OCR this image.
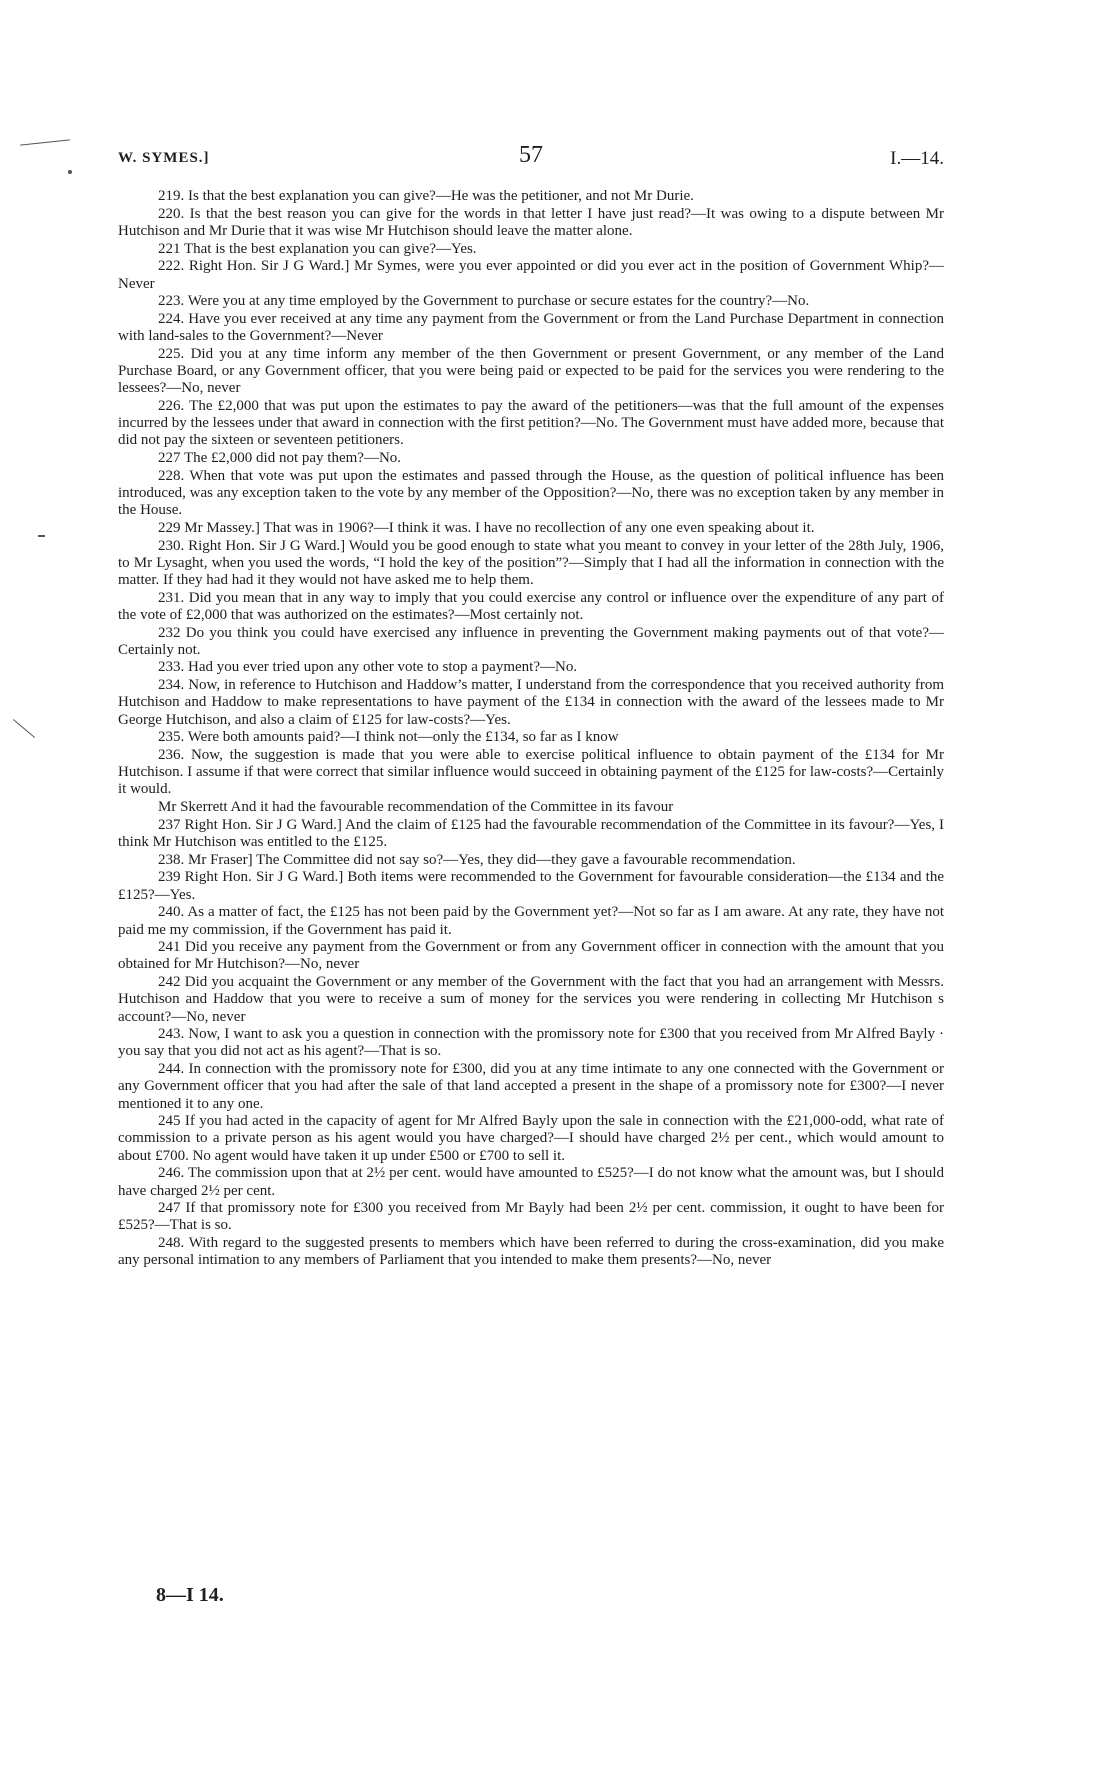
W. SYMES.]	57	I.—14.

219. Is that the best explanation you can give?—He was the petitioner, and not Mr Durie.

220. Is that the best reason you can give for the words in that letter I have just read?—It was owing to a dispute between Mr Hutchison and Mr Durie that it was wise Mr Hutchison should leave the matter alone.

221 That is the best explanation you can give?—Yes.

222. Right Hon. Sir J G Ward.] Mr Symes, were you ever appointed or did you ever act in the position of Government Whip?—Never

223. Were you at any time employed by the Government to purchase or secure estates for the country?—No.

224. Have you ever received at any time any payment from the Government or from the Land Purchase Department in connection with land-sales to the Government?—Never

225. Did you at any time inform any member of the then Government or present Government, or any member of the Land Purchase Board, or any Government officer, that you were being paid or expected to be paid for the services you were rendering to the lessees?—No, never

226. The £2,000 that was put upon the estimates to pay the award of the petitioners—was that the full amount of the expenses incurred by the lessees under that award in connection with the first petition?—No. The Government must have added more, because that did not pay the sixteen or seventeen petitioners.

227 The £2,000 did not pay them?—No.

228. When that vote was put upon the estimates and passed through the House, as the question of political influence has been introduced, was any exception taken to the vote by any member of the Opposition?—No, there was no exception taken by any member in the House.

229 Mr Massey.] That was in 1906?—I think it was. I have no recollection of any one even speaking about it.

230. Right Hon. Sir J G Ward.] Would you be good enough to state what you meant to convey in your letter of the 28th July, 1906, to Mr Lysaght, when you used the words, “I hold the key of the position”?—Simply that I had all the information in connection with the matter. If they had had it they would not have asked me to help them.

231. Did you mean that in any way to imply that you could exercise any control or influence over the expenditure of any part of the vote of £2,000 that was authorized on the estimates?—Most certainly not.

232 Do you think you could have exercised any influence in preventing the Government making payments out of that vote?—Certainly not.

233. Had you ever tried upon any other vote to stop a payment?—No.

234. Now, in reference to Hutchison and Haddow’s matter, I understand from the correspondence that you received authority from Hutchison and Haddow to make representations to have payment of the £134 in connection with the award of the lessees made to Mr George Hutchison, and also a claim of £125 for law-costs?—Yes.

235. Were both amounts paid?—I think not—only the £134, so far as I know

236. Now, the suggestion is made that you were able to exercise political influence to obtain payment of the £134 for Mr Hutchison. I assume if that were correct that similar influence would succeed in obtaining payment of the £125 for law-costs?—Certainly it would.

Mr Skerrett And it had the favourable recommendation of the Committee in its favour

237 Right Hon. Sir J G Ward.] And the claim of £125 had the favourable recommendation of the Committee in its favour?—Yes, I think Mr Hutchison was entitled to the £125.

238. Mr Fraser] The Committee did not say so?—Yes, they did—they gave a favourable recommendation.

239 Right Hon. Sir J G Ward.] Both items were recommended to the Government for favourable consideration—the £134 and the £125?—Yes.

240. As a matter of fact, the £125 has not been paid by the Government yet?—Not so far as I am aware. At any rate, they have not paid me my commission, if the Government has paid it.

241 Did you receive any payment from the Government or from any Government officer in connection with the amount that you obtained for Mr Hutchison?—No, never

242 Did you acquaint the Government or any member of the Government with the fact that you had an arrangement with Messrs. Hutchison and Haddow that you were to receive a sum of money for the services you were rendering in collecting Mr Hutchison s account?—No, never

243. Now, I want to ask you a question in connection with the promissory note for £300 that you received from Mr Alfred Bayly · you say that you did not act as his agent?—That is so.

244. In connection with the promissory note for £300, did you at any time intimate to any one connected with the Government or any Government officer that you had after the sale of that land accepted a present in the shape of a promissory note for £300?—I never mentioned it to any one.

245 If you had acted in the capacity of agent for Mr Alfred Bayly upon the sale in connection with the £21,000-odd, what rate of commission to a private person as his agent would you have charged?—I should have charged 2½ per cent., which would amount to about £700. No agent would have taken it up under £500 or £700 to sell it.

246. The commission upon that at 2½ per cent. would have amounted to £525?—I do not know what the amount was, but I should have charged 2½ per cent.

247 If that promissory note for £300 you received from Mr Bayly had been 2½ per cent. commission, it ought to have been for £525?—That is so.

248. With regard to the suggested presents to members which have been referred to during the cross-examination, did you make any personal intimation to any members of Parliament that you intended to make them presents?—No, never

8—I 14.
